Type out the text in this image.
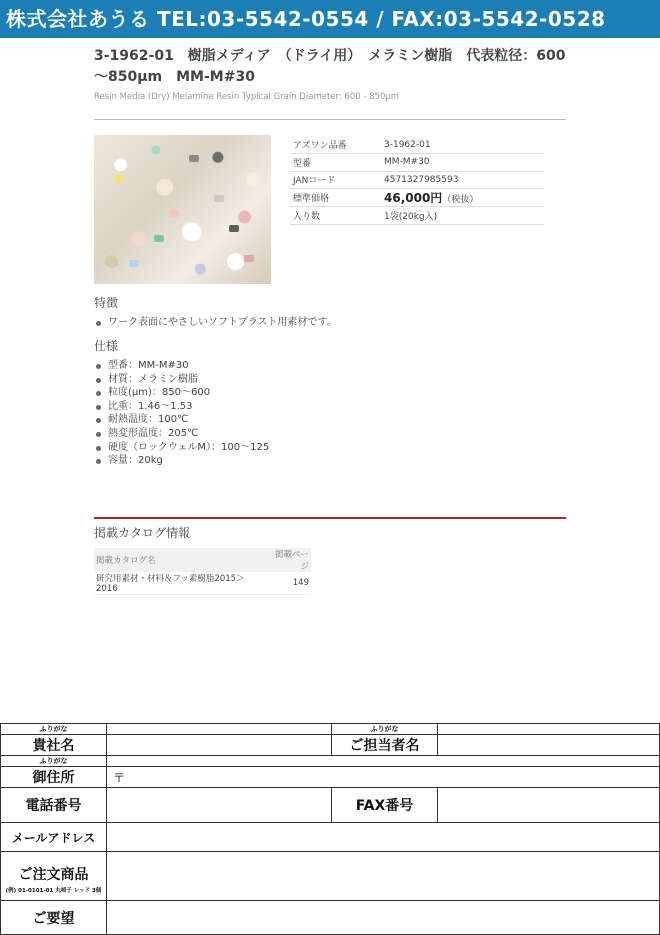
株式会社あうる TEL:03-5542-0554 / FAX:03-5542-0528
3-1962-01　樹脂メディア　（ドライ用）　メラミン樹脂　代表粒径：600～850μm　MM-M#30
Resin Media (Dry) Melamine Resin Typical Grain Diameter: 600 - 850μm
アズワン品番	3-1962-01
型番	MM-M#30
JANコード	4571327985593
標準価格	46,000円（税抜）
入り数	1袋(20kg入)
特徴
ワーク表面にやさしいソフトブラスト用素材です。
仕様
型番：MM-M#30
材質：メラミン樹脂
粒度(μm)：850～600
比重：1.46～1.53
耐熱温度：100℃
熱変形温度：205℃
硬度（ロックウェルM）：100～125
容量：20kg
掲載カタログ情報
掲載カタログ名	掲載ページ
研究用素材・材料＆フッ素樹脂2015＞2016	149
ふりがな	ふりがな
貴社名	ご担当者名
ふりがな
御住所	〒
電話番号	FAX番号
メールアドレス
ご注文商品
(例) 01-0101-01 丸椅子 レッド 3個
ご要望
